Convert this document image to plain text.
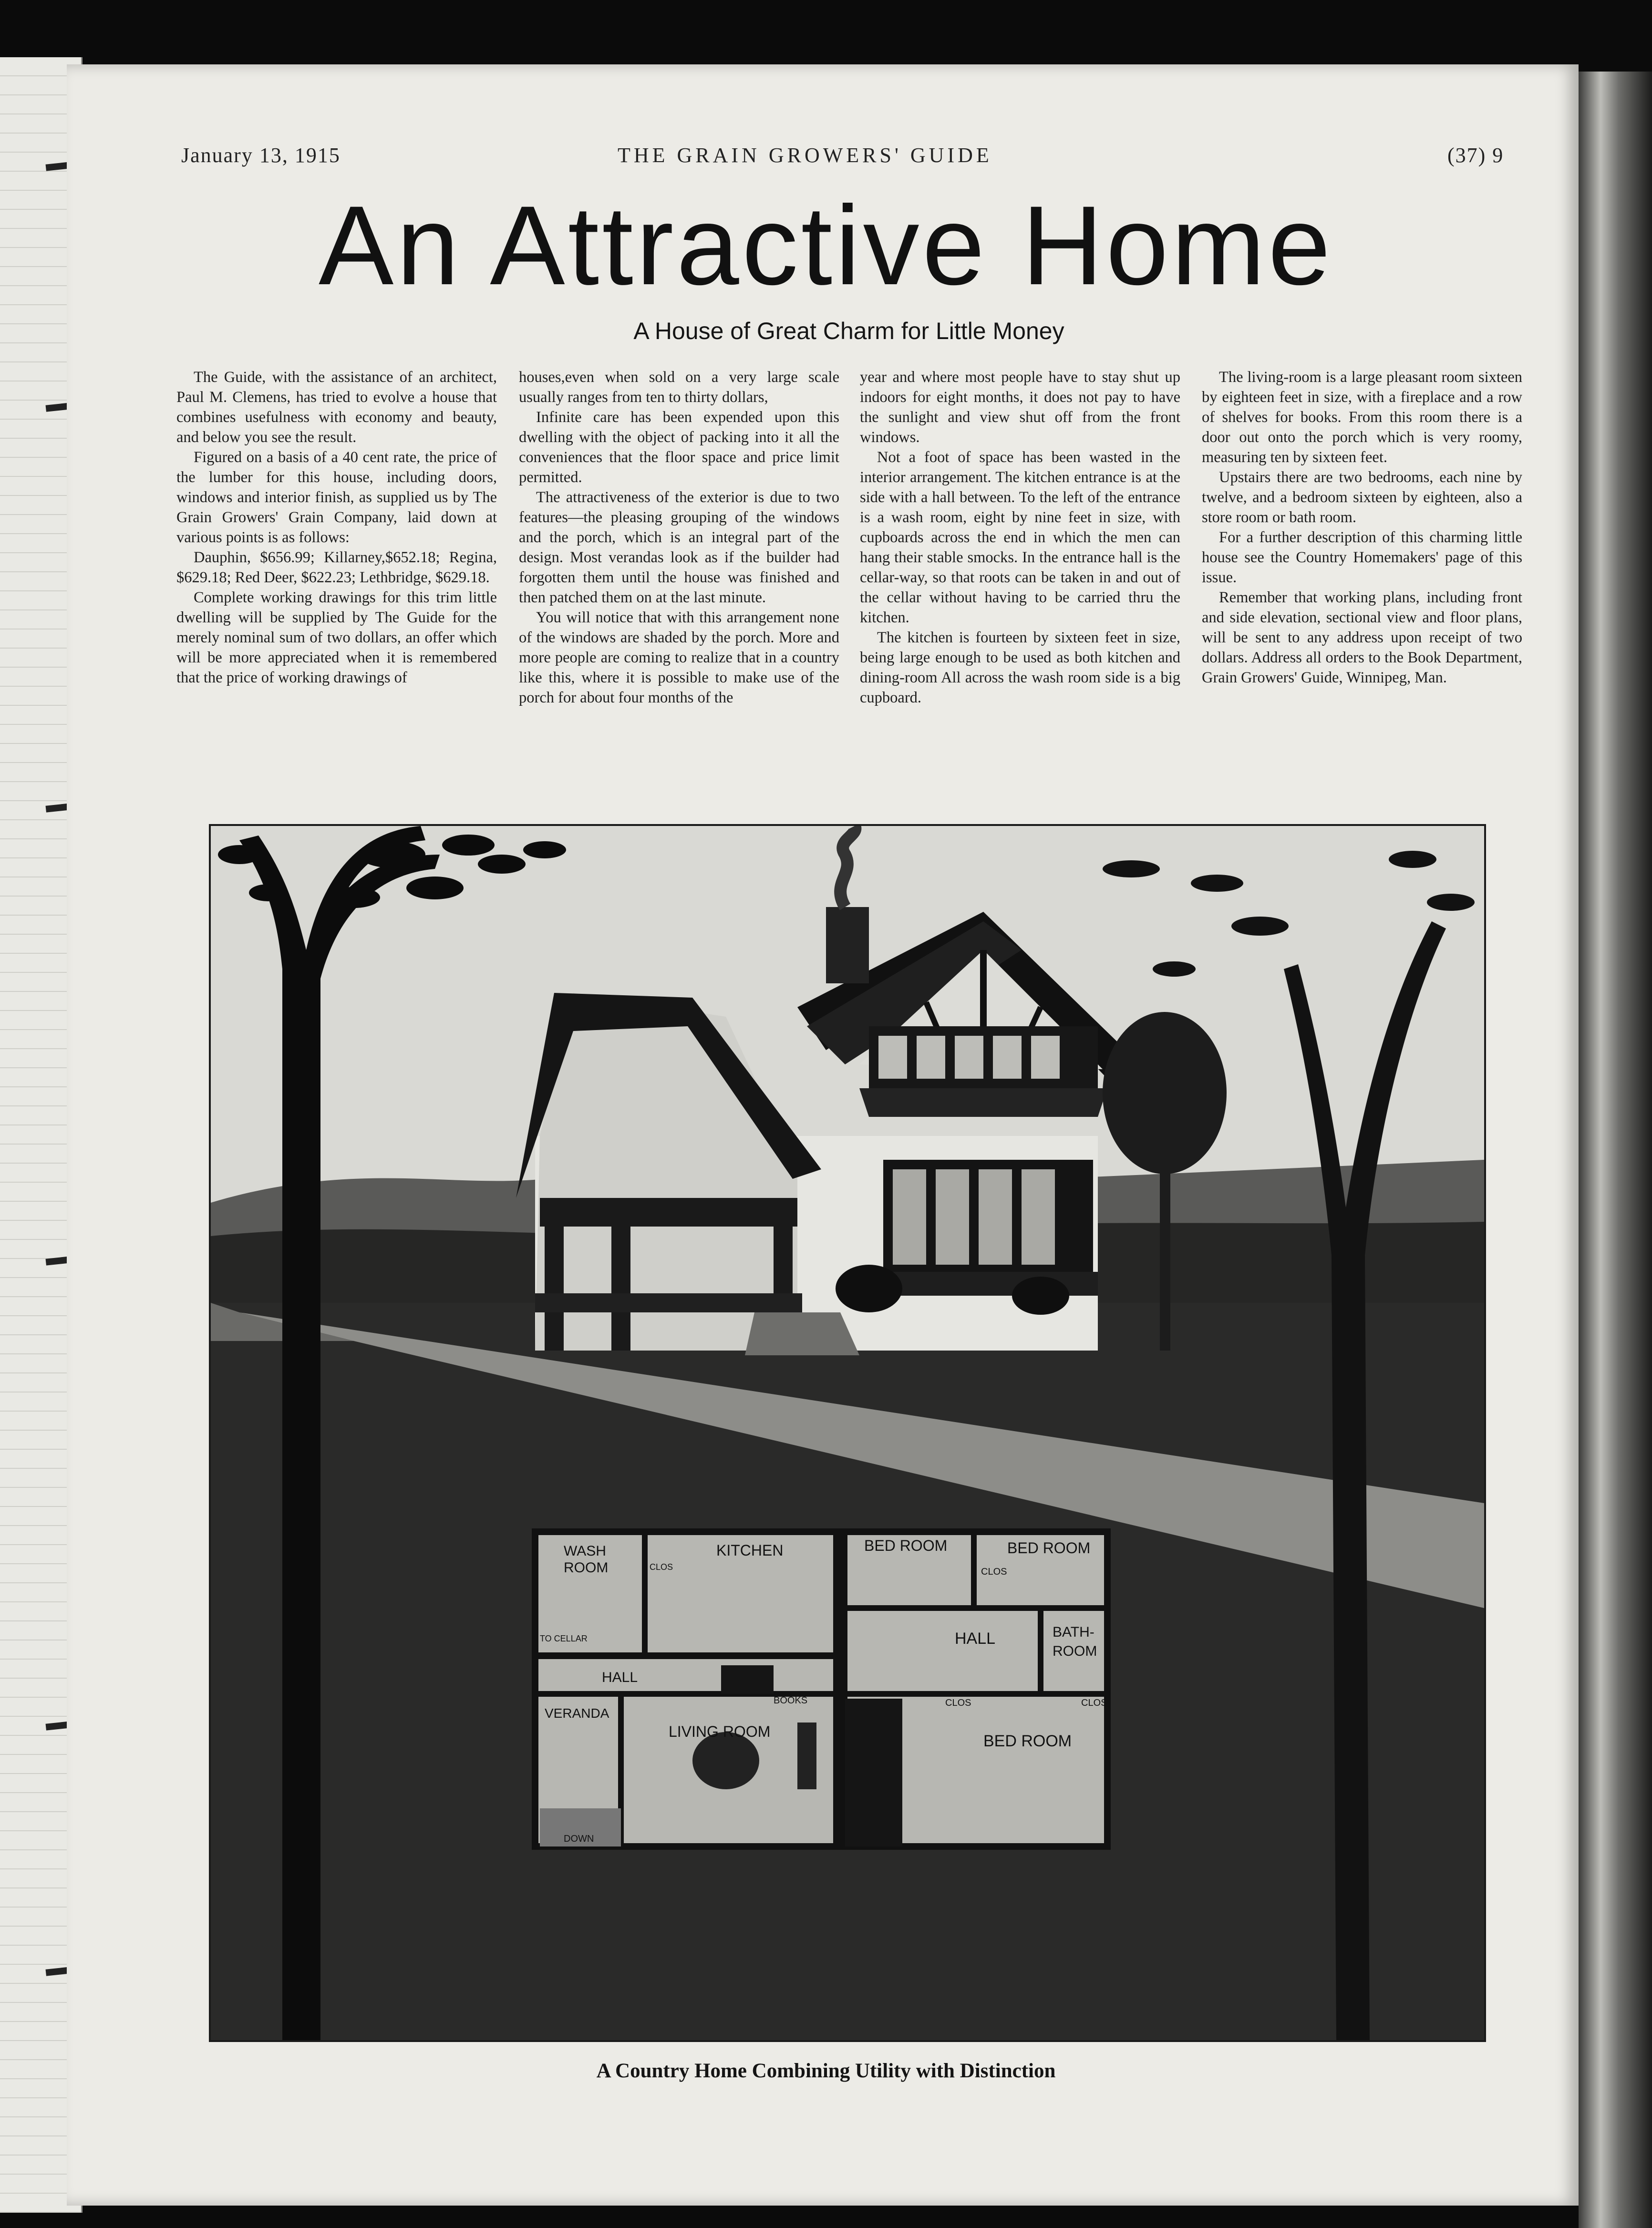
January 13, 1915	THE GRAIN GROWERS' GUIDE	(37) 9
An Attractive Home
A House of Great Charm for Little Money

The Guide, with the assistance of an architect, Paul M. Clemens, has tried to evolve a house that combines usefulness with economy and beauty, and below you see the result.

Figured on a basis of a 40 cent rate, the price of the lumber for this house, including doors, windows and interior finish, as supplied us by The Grain Growers' Grain Company, laid down at various points is as follows:

Dauphin, $656.99; Killarney,$652.18; Regina, $629.18; Red Deer, $622.23; Lethbridge, $629.18.

Complete working drawings for this trim little dwelling will be supplied by The Guide for the merely nominal sum of two dollars, an offer which will be more appreciated when it is remembered that the price of working drawings of

houses,even when sold on a very large scale usually ranges from ten to thirty dollars,

Infinite care has been expended upon this dwelling with the object of packing into it all the conveniences that the floor space and price limit permitted.

The attractiveness of the exterior is due to two features—the pleasing grouping of the windows and the porch, which is an integral part of the design. Most verandas look as if the builder had forgotten them until the house was finished and then patched them on at the last minute.

You will notice that with this arrangement none of the windows are shaded by the porch. More and more people are coming to realize that in a country like this, where it is possible to make use of the porch for about four months of the

year and where most people have to stay shut up indoors for eight months, it does not pay to have the sunlight and view shut off from the front windows.

Not a foot of space has been wasted in the interior arrangement. The kitchen entrance is at the side with a hall between. To the left of the entrance is a wash room, eight by nine feet in size, with cupboards across the end in which the men can hang their stable smocks. In the entrance hall is the cellar-way, so that roots can be taken in and out of the cellar without having to be carried thru the kitchen.

The kitchen is fourteen by sixteen feet in size, being large enough to be used as both kitchen and dining-room All across the wash room side is a big cupboard.

The living-room is a large pleasant room sixteen by eighteen feet in size, with a fireplace and a row of shelves for books. From this room there is a door out onto the porch which is very roomy, measuring ten by sixteen feet.

Upstairs there are two bedrooms, each nine by twelve, and a bedroom sixteen by eighteen, also a store room or bath room.

For a further description of this charming little house see the Country Homemakers' page of this issue.

Remember that working plans, including front and side elevation, sectional view and floor plans, will be sent to any address upon receipt of two dollars. Address all orders to the Book Department, Grain Growers' Guide, Winnipeg, Man.

WASH
ROOM
KITCHEN	BED ROOM	BED ROOM
BED ROOM
CLOS	CLOS
CLOS	CLOS
TO CELLAR
HALL
HALL	BATH-
ROOM
BOOKS
VERANDA
LIVING ROOM
DOWN
A Country Home Combining Utility with Distinction
